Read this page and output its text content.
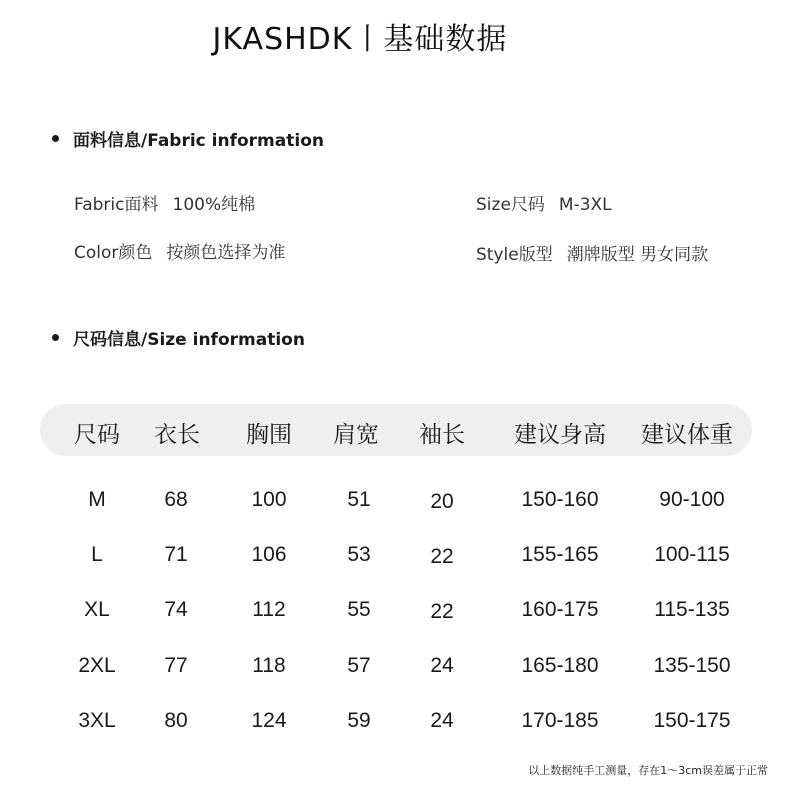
JKASHDK丨基础数据
面料信息/Fabric information
Fabric面料 100%纯棉	Size尺码 M-3XL
Color颜色 按颜色选择为准	Style版型 潮牌版型 男女同款
尺码信息/Size information
尺码 衣长 胸围 肩宽 袖长 建议身高 建议体重
M	68	100	51	20	150-160	90-100
L	71	106	53	22	155-165	100-115
XL	74	112	55	22	160-175	115-135
2XL 77	118	57	24	165-180	135-150
3XL 80	124	59	24	170-185	150-175
以上数据纯手工测量，存在1～3cm误差属于正常
